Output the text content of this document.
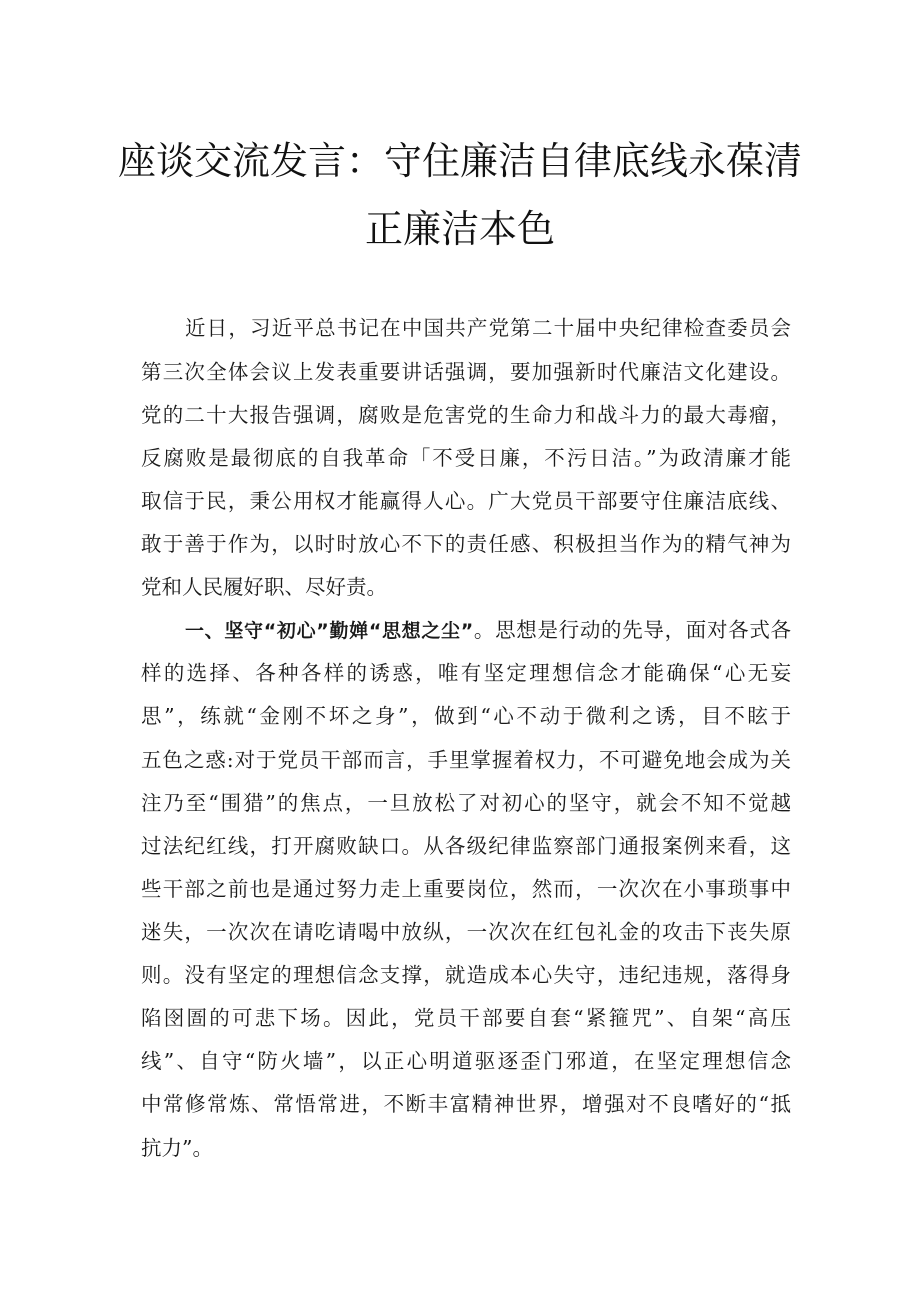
座谈交流发言：守住廉洁自律底线永葆清
正廉洁本色

近日，习近平总书记在中国共产党第二十届中央纪律检查委员会

第三次全体会议上发表重要讲话强调，要加强新时代廉洁文化建设。

党的二十大报告强调，腐败是危害党的生命力和战斗力的最大毒瘤，

反腐败是最彻底的自我革命「不受日廉，不污日洁。”为政清廉才能

取信于民，秉公用权才能赢得人心。广大党员干部要守住廉洁底线、

敢于善于作为，以时时放心不下的责任感、积极担当作为的精气神为

党和人民履好职、尽好责。

一、坚守“初心”勤婵“思想之尘”。思想是行动的先导，面对各式各

样的选择、各种各样的诱惑，唯有坚定理想信念才能确保“心无妄

思”，练就“金刚不坏之身”，做到“心不动于微利之诱，目不眩于

五色之惑:对于党员干部而言，手里掌握着权力，不可避免地会成为关

注乃至“围猎”的焦点，一旦放松了对初心的坚守，就会不知不觉越

过法纪红线，打开腐败缺口。从各级纪律监察部门通报案例来看，这

些干部之前也是通过努力走上重要岗位，然而，一次次在小事琐事中

迷失，一次次在请吃请喝中放纵，一次次在红包礼金的攻击下丧失原

则。没有坚定的理想信念支撑，就造成本心失守，违纪违规，落得身

陷囹圄的可悲下场。因此，党员干部要自套“紧箍咒”、自架“高压

线”、自守“防火墙”，以正心明道驱逐歪门邪道，在坚定理想信念

中常修常炼、常悟常进，不断丰富精神世界，增强对不良嗜好的“抵

抗力”。
